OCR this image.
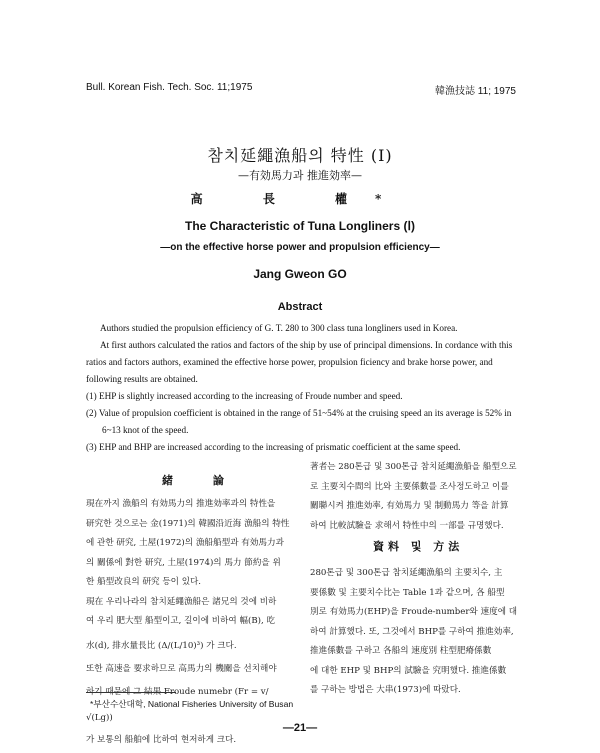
Bull. Korean Fish. Tech. Soc. 11;1975	韓漁技誌 11; 1975
참치延繩漁船의 特性 (Ⅰ)
—有効馬力과 推進効率—
高 長 權*
The Characteristic of Tuna Longliners (Ⅰ)
—on the effective horse power and propulsion efficiency—
Jang Gweon GO
Abstract
Authors studied the propulsion efficiency of G. T. 280 to 300 class tuna longliners used in Korea.
At first authors calculated the ratios and factors of the ship by use of principal dimensions. In cordance with this ratios and factors authors, examined the effective horse power, propulsion ficiency and brake horse power, and following results are obtained.
(1) EHP is slightly increased according to the increasing of Froude number and speed.
(2) Value of propulsion coefficient is obtained in the range of 51~54% at the cruising speed an its average is 52% in 6~13 knot of the speed.
(3) EHP and BHP are increased according to the increasing of prismatic coefficient at the same speed.
緒 論

現在까지 漁船의 有効馬力의 推進効率과의 特性을

研究한 것으로는 金(1971)의 韓國沿近海 漁船의 特性

에 관한 研究, 土屋(1972)의 漁船船型과 有効馬力과

의 關係에 對한 研究, 土屋(1974)의 馬力 節約을 위

한 船型改良의 研究 등이 있다.

現在 우리나라의 참치延繩漁船은 諸兄의 것에 비하

여 우리 肥大型 船型이고, 길이에 비하여 幅(B), 吃

水(d), 排水量長比 (Δ/(L/10)³) 가 크다.

또한 高速을 要求하므로 高馬力의 機關을 선치해야

하기 때문에 그 結果 Froude numebr (Fr = v/√(Lg))

가 보통의 船舶에 比하여 현저하게 크다.

著者는 280톤급 및 300톤급 참치延繩漁船을 船型으로

로 主要치수間의 比와 主要係數를 조사정도하고 이를

關聯시켜 推進効率, 有効馬力 및 制動馬力 等을 計算

하여 比較試驗을 求해서 特性中의 一部를 규명했다.

資料 및 方法

280톤급 및 300톤급 참치延繩漁船의 主要치수, 主

要係數 및 主要치수比는 Table 1과 같으며, 各 船型

別로 有効馬力(EHP)을 Froude-number와 速度에 대

하여 計算했다. 또, 그것에서 BHP를 구하여 推進効率,

推進係數를 구하고 各船의 速度別 柱型肥瘠係數

에 대한 EHP 및 BHP의 試驗을 究明했다. 推進係數

를 구하는 방법은 大串(1973)에 따랐다.

*부산수산대학, National Fisheries University of Busan
—21—
